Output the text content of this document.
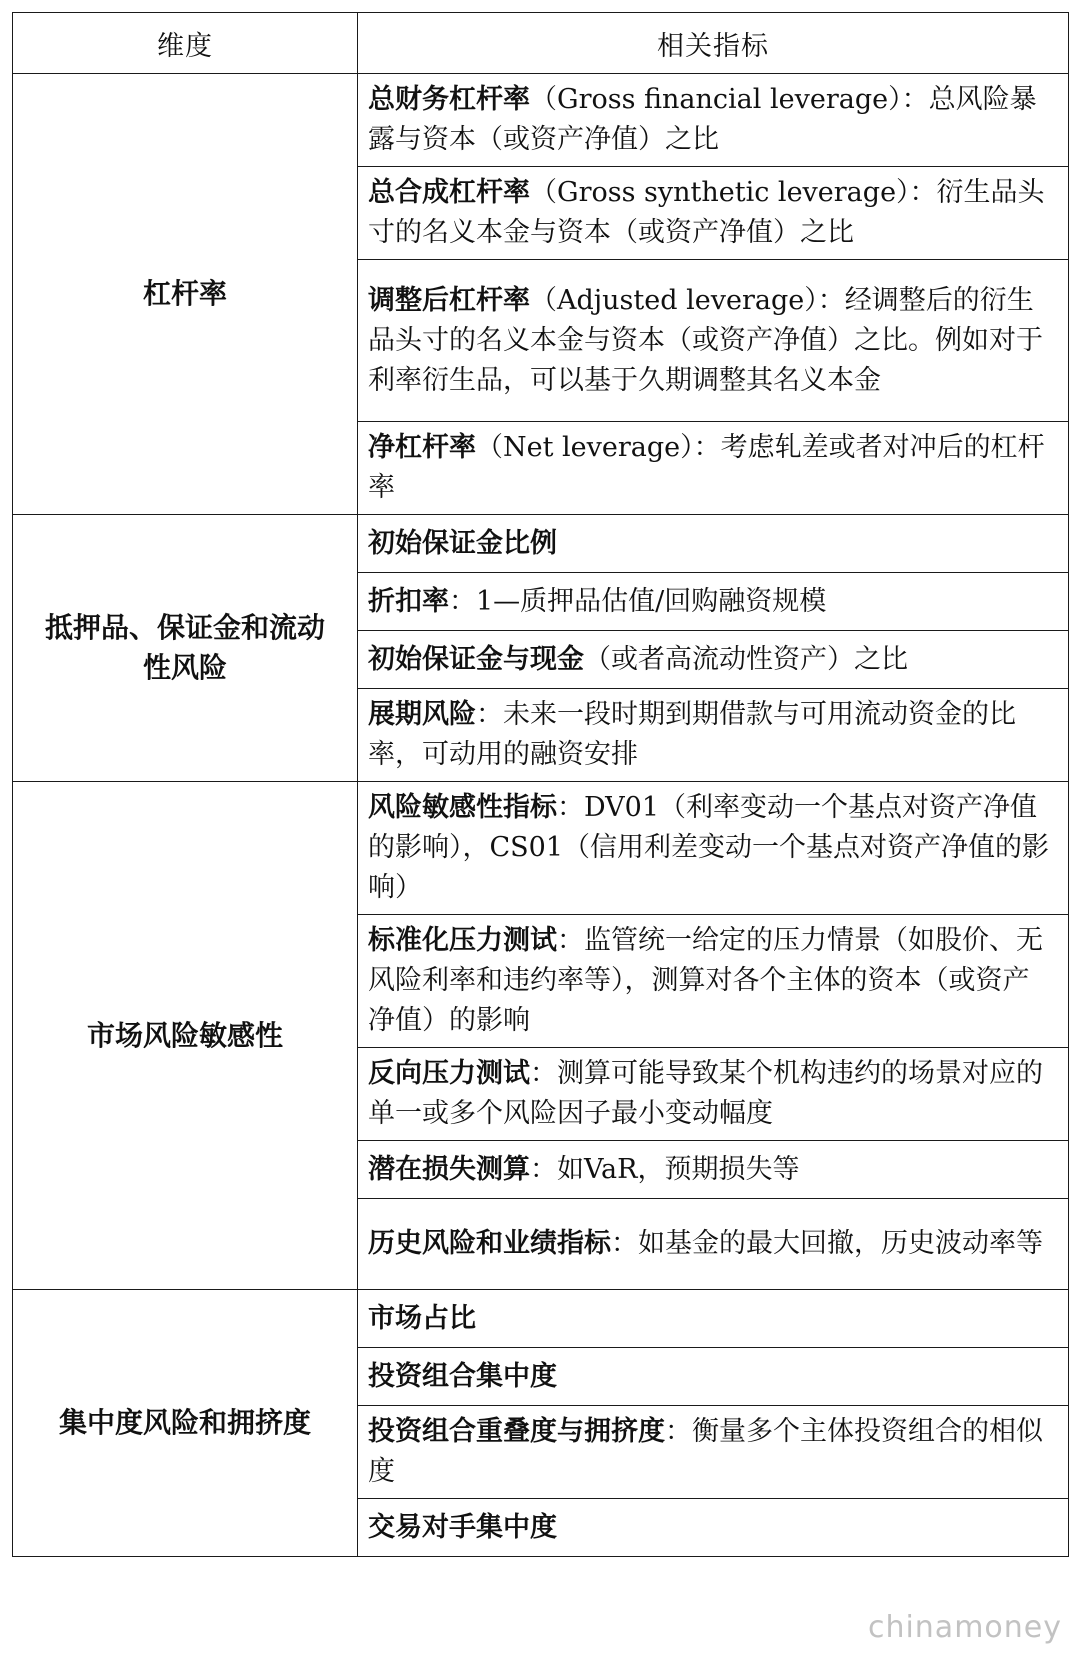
维度	相关指标
杠杆率	总财务杠杆率（Gross financial leverage）：总风险暴露与资本（或资产净值）之比
	总合成杠杆率（Gross synthetic leverage）：衍生品头寸的名义本金与资本（或资产净值）之比
	调整后杠杆率（Adjusted leverage）：经调整后的衍生品头寸的名义本金与资本（或资产净值）之比。例如对于利率衍生品，可以基于久期调整其名义本金
	净杠杆率（Net leverage）：考虑轧差或者对冲后的杠杆率
抵押品、保证金和流动性风险	初始保证金比例
	折扣率：1—质押品估值/回购融资规模
	初始保证金与现金（或者高流动性资产）之比
	展期风险：未来一段时期到期借款与可用流动资金的比率，可动用的融资安排
市场风险敏感性	风险敏感性指标：DV01（利率变动一个基点对资产净值的影响），CS01（信用利差变动一个基点对资产净值的影响）
	标准化压力测试：监管统一给定的压力情景（如股价、无风险利率和违约率等），测算对各个主体的资本（或资产净值）的影响
	反向压力测试：测算可能导致某个机构违约的场景对应的单一或多个风险因子最小变动幅度
	潜在损失测算：如VaR，预期损失等
	历史风险和业绩指标：如基金的最大回撤，历史波动率等
集中度风险和拥挤度	市场占比
	投资组合集中度
	投资组合重叠度与拥挤度：衡量多个主体投资组合的相似度
	交易对手集中度
chinamoney
